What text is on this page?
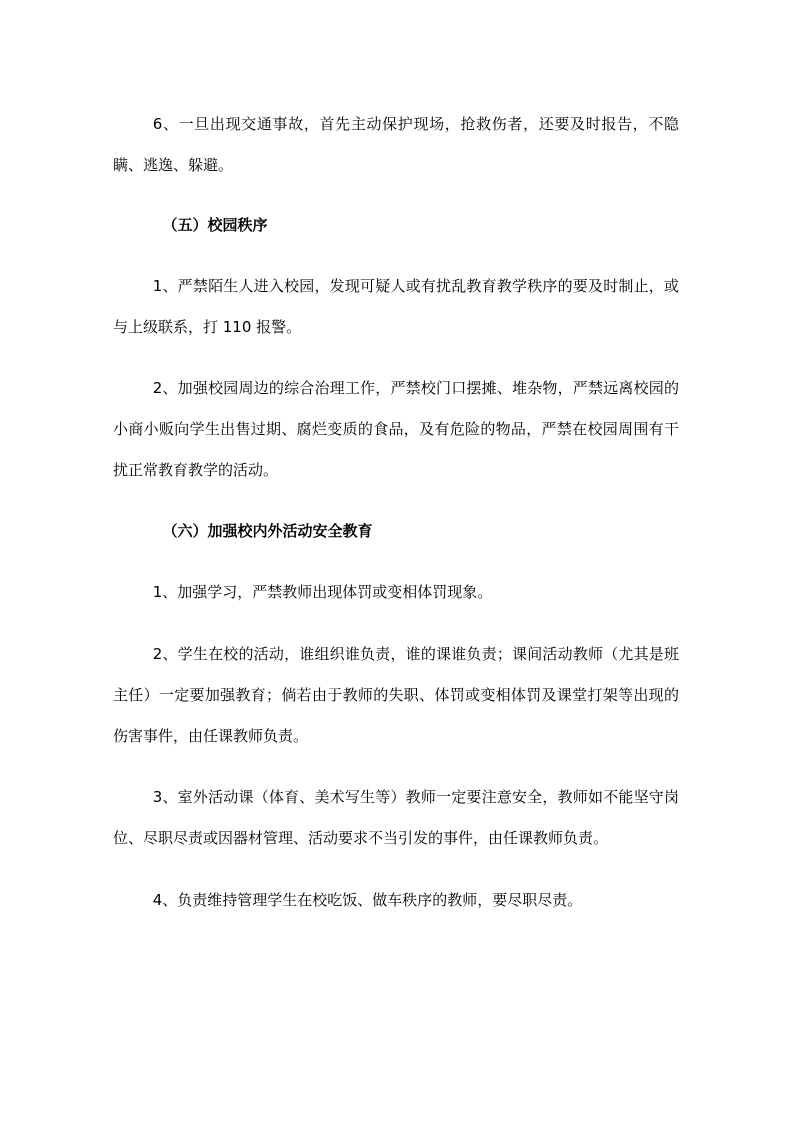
6、一旦出现交通事故，首先主动保护现场，抢救伤者，还要及时报告，不隐瞒、逃逸、躲避。

（五）校园秩序

1、严禁陌生人进入校园，发现可疑人或有扰乱教育教学秩序的要及时制止，或与上级联系，打 110 报警。

2、加强校园周边的综合治理工作，严禁校门口摆摊、堆杂物，严禁远离校园的小商小贩向学生出售过期、腐烂变质的食品，及有危险的物品，严禁在校园周围有干扰正常教育教学的活动。

（六）加强校内外活动安全教育

1、加强学习，严禁教师出现体罚或变相体罚现象。

2、学生在校的活动，谁组织谁负责，谁的课谁负责；课间活动教师（尤其是班主任）一定要加强教育；倘若由于教师的失职、体罚或变相体罚及课堂打架等出现的伤害事件，由任课教师负责。

3、室外活动课（体育、美术写生等）教师一定要注意安全，教师如不能坚守岗位、尽职尽责或因器材管理、活动要求不当引发的事件，由任课教师负责。

4、负责维持管理学生在校吃饭、做车秩序的教师，要尽职尽责。
